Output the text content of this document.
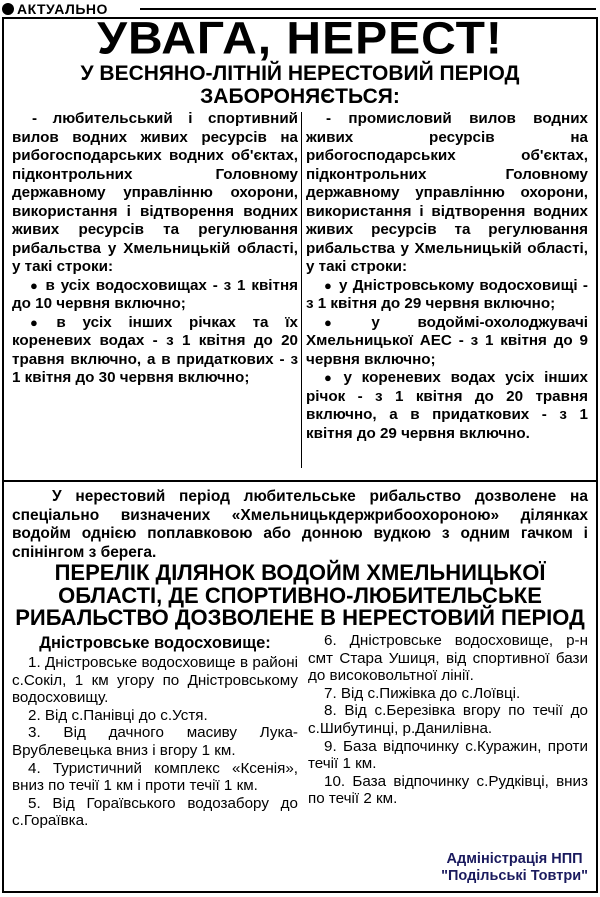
АКТУАЛЬНО
УВАГА, НЕРЕСТ!
У ВЕСНЯНО-ЛІТНІЙ НЕРЕСТОВИЙ ПЕРІОД ЗАБОРОНЯЄТЬСЯ:

- любительський і спортивний вилов водних живих ресурсів на рибогосподарських водних об'єктах, підконтрольних Головному державному управлінню охорони, використання і відтворення водних живих ресурсів та регулювання рибальства у Хмельницькій області, у такі строки:

● в усіх водосховищах - з 1 квітня до 10 червня включно;

● в усіх інших річках та їх кореневих водах - з 1 квітня до 20 травня включно, а в придаткових - з 1 квітня до 30 червня включно;

- промисловий вилов водних живих ресурсів на рибогосподарських об'єктах, підконтрольних Головному державному управлінню охорони, використання і відтворення водних живих ресурсів та регулювання рибальства у Хмельницькій області, у такі строки:

● у Дністровському водосховищі - з 1 квітня до 29 червня включно;

● у водоймі-охолоджувачі Хмельницької АЕС - з 1 квітня до 9 червня включно;

● у кореневих водах усіх інших річок - з 1 квітня до 20 травня включно, а в придаткових - з 1 квітня до 29 червня включно.

У нерестовий період любительське рибальство дозволене на спеціально визначених «Хмельницькдержрибоохороною» ділянках водойм однією поплавковою або донною вудкою з одним гачком і спінінгом з берега.

ПЕРЕЛІК ДІЛЯНОК ВОДОЙМ ХМЕЛЬНИЦЬКОЇ ОБЛАСТІ, ДЕ СПОРТИВНО-ЛЮБИТЕЛЬСЬКЕ РИБАЛЬСТВО ДОЗВОЛЕНЕ В НЕРЕСТОВИЙ ПЕРІОД
Дністровське водосховище:

1. Дністровське водосховище в районі с.Сокіл, 1 км угору по Дністровському водосховищу.

2. Від с.Панівці до с.Устя.

3. Від дачного масиву Лука-Врублевецька вниз і вгору 1 км.

4. Туристичний комплекс «Ксенія», вниз по течії 1 км і проти течії 1 км.

5. Від Гораївського водозабору до с.Гораївка.

6. Дністровське водосховище, р-н смт Стара Ушиця, від спортивної бази до високовольтної лінії.

7. Від с.Пижівка до с.Лоївці.

8. Від с.Березівка вгору по течії до с.Шибутинці, р.Данилівна.

9. База відпочинку с.Куражин, проти течії 1 км.

10. База відпочинку с.Рудківці, вниз по течії 2 км.

Адміністрація НПП
"Подільські Товтри"
